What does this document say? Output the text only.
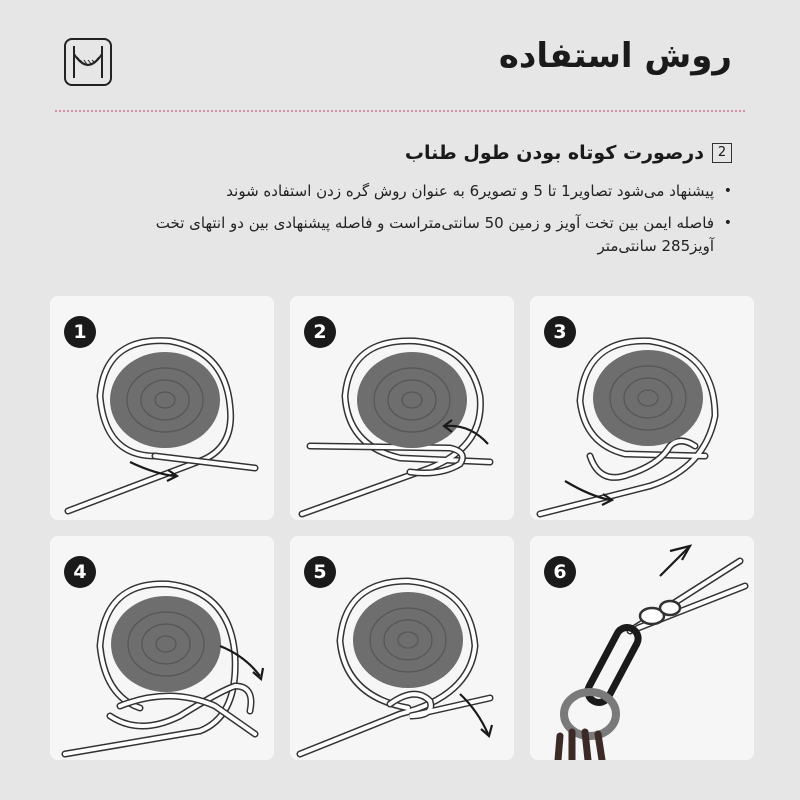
روش استفاده
2
درصورت کوتاه بودن طول طناب
• پیشنهاد می‌شود تصاویر1 تا 5 و تصویر6 به عنوان روش گره زدن استفاده شوند
• فاصله ایمن بین تخت آویز و زمین 50 سانتی‌متراست و فاصله پیشنهادی بین دو انتهای تخت آویز285 سانتی‌متر
1	2	3
4	5	6
